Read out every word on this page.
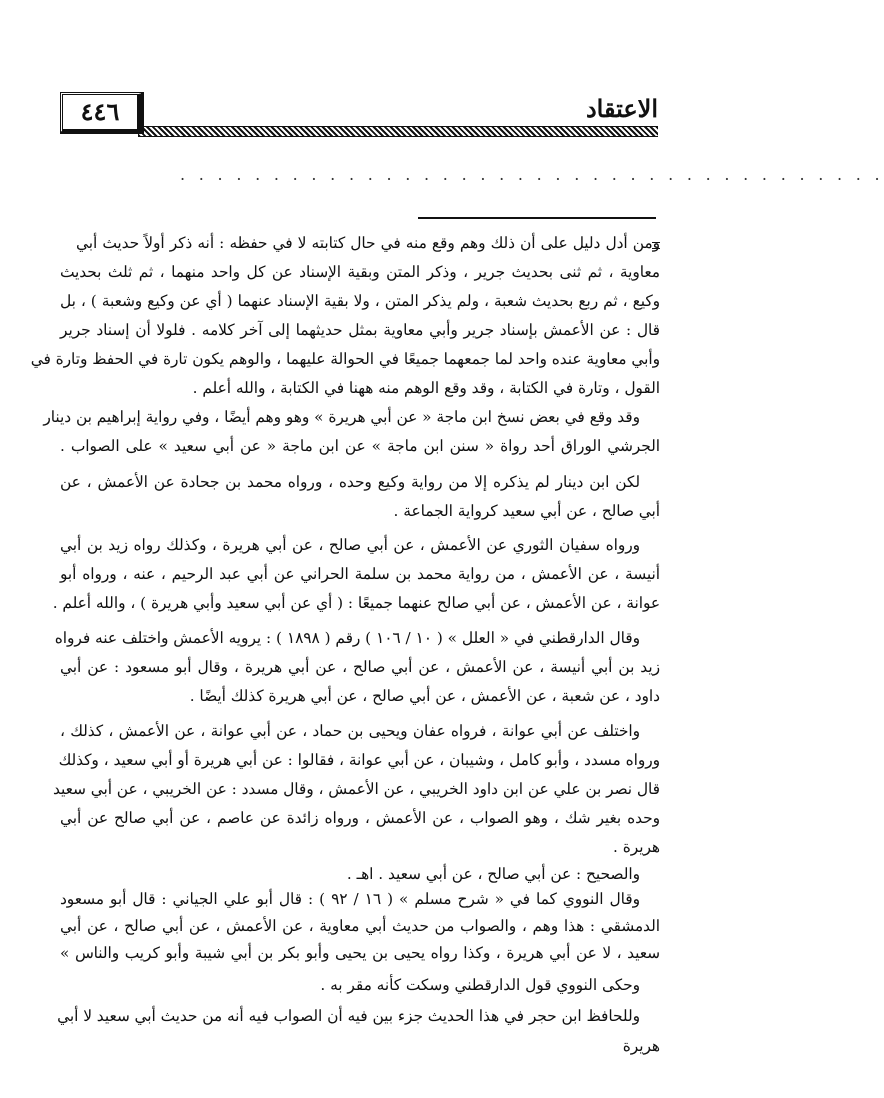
٤٤٦	الاعتقاد
. . . . . . . . . . . . . . . . . . . . . . . . . . . . . . . . . . . . . .
ومن أدل دليل على أن ذلك وهم وقع منه في حال كتابته لا في حفظه : أنه ذكر أولاً حديث أبي
معاوية ، ثم ثنى بحديث جرير ، وذكر المتن وبقية الإسناد عن كل واحد منهما ، ثم ثلث بحديث
وكيع ، ثم ربع بحديث شعبة ، ولم يذكر المتن ، ولا بقية الإسناد عنهما ( أي عن وكيع وشعبة ) ، بل
قال : عن الأعمش بإسناد جرير وأبي معاوية بمثل حديثهما إلى آخر كلامه . فلولا أن إسناد جرير
وأبي معاوية عنده واحد لما جمعهما جميعًا في الحوالة عليهما ، والوهم يكون تارة في الحفظ وتارة في
القول ، وتارة في الكتابة ، وقد وقع الوهم منه ههنا في الكتابة ، والله أعلم .
وقد وقع في بعض نسخ ابن ماجة « عن أبي هريرة » وهو وهم أيضًا ، وفي رواية إبراهيم بن دينار
الجرشي الوراق أحد رواة « سنن ابن ماجة » عن ابن ماجة « عن أبي سعيد » على الصواب .
لكن ابن دينار لم يذكره إلا من رواية وكيع وحده ، ورواه محمد بن جحادة عن الأعمش ، عن
أبي صالح ، عن أبي سعيد كرواية الجماعة .
ورواه سفيان الثوري عن الأعمش ، عن أبي صالح ، عن أبي هريرة ، وكذلك رواه زيد بن أبي
أنيسة ، عن الأعمش ، من رواية محمد بن سلمة الحراني عن أبي عبد الرحيم ، عنه ، ورواه أبو
عوانة ، عن الأعمش ، عن أبي صالح عنهما جميعًا : ( أي عن أبي سعيد وأبي هريرة ) ، والله أعلم .
وقال الدارقطني في « العلل » ( ١٠ / ١٠٦ ) رقم ( ١٨٩٨ ) : يرويه الأعمش واختلف عنه فرواه
زيد بن أبي أنيسة ، عن الأعمش ، عن أبي صالح ، عن أبي هريرة ، وقال أبو مسعود : عن أبي
داود ، عن شعبة ، عن الأعمش ، عن أبي صالح ، عن أبي هريرة كذلك أيضًا .
واختلف عن أبي عوانة ، فرواه عفان ويحيى بن حماد ، عن أبي عوانة ، عن الأعمش ، كذلك ،
ورواه مسدد ، وأبو كامل ، وشيبان ، عن أبي عوانة ، فقالوا : عن أبي هريرة أو أبي سعيد ، وكذلك
قال نصر بن علي عن ابن داود الخريبي ، عن الأعمش ، وقال مسدد : عن الخريبي ، عن أبي سعيد
وحده بغير شك ، وهو الصواب ، عن الأعمش ، ورواه زائدة عن عاصم ، عن أبي صالح عن أبي
هريرة .
والصحيح : عن أبي صالح ، عن أبي سعيد . اهـ .
وقال النووي كما في « شرح مسلم » ( ١٦ / ٩٢ ) : قال أبو علي الجياني : قال أبو مسعود
الدمشقي : هذا وهم ، والصواب من حديث أبي معاوية ، عن الأعمش ، عن أبي صالح ، عن أبي
سعيد ، لا عن أبي هريرة ، وكذا رواه يحيى بن يحيى وأبو بكر بن أبي شيبة وأبو كريب والناس »
وحكى النووي قول الدارقطني وسكت كأنه مقر به .
وللحافظ ابن حجر في هذا الحديث جزء بين فيه أن الصواب فيه أنه من حديث أبي سعيد لا أبي
هريرة
